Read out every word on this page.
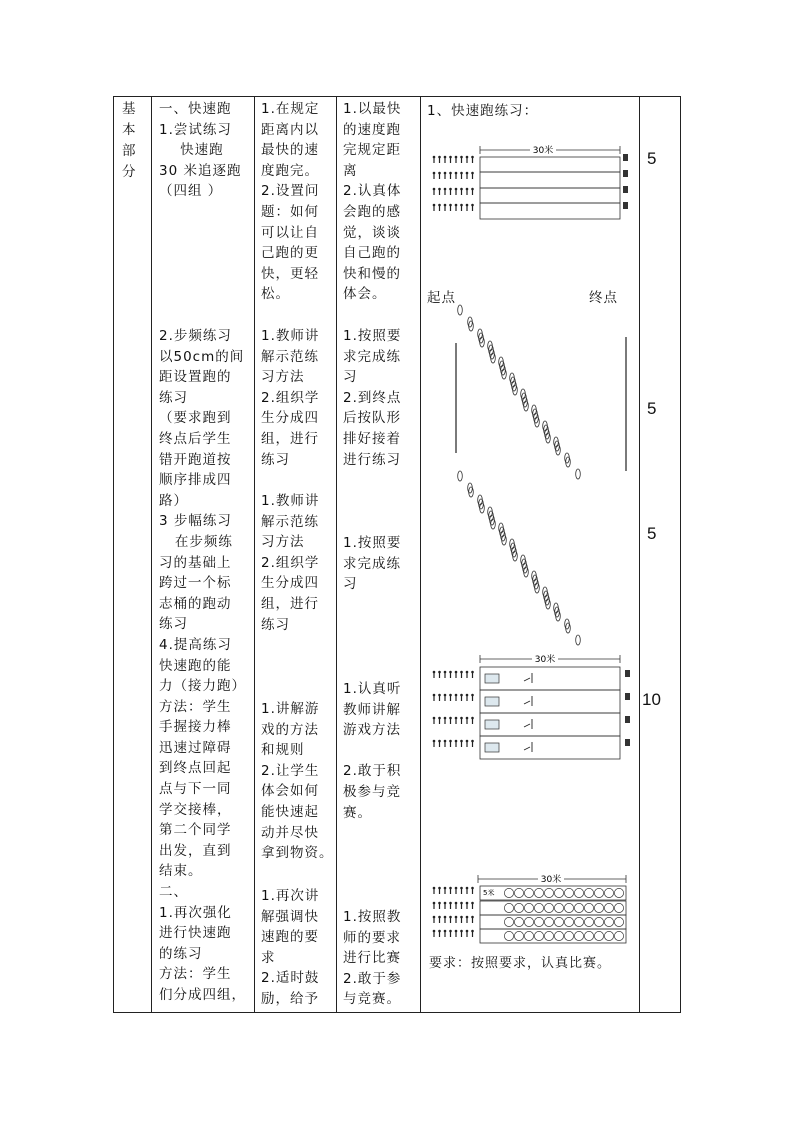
基
本
部
分
一、快速跑
1.尝试练习
快速跑
30 米追逐跑
（四组 ）
2.步频练习
以50cm的间
距设置跑的
练习
（要求跑到
终点后学生
错开跑道按
顺序排成四
路）
3 步幅练习
在步频练
习的基础上
跨过一个标
志桶的跑动
练习
4.提高练习
快速跑的能
力（接力跑）
方法：学生
手握接力棒
迅速过障碍
到终点回起
点与下一同
学交接棒，
第二个同学
出发，直到
结束。
二、
1.再次强化
进行快速跑
的练习
方法：学生
们分成四组，
1.在规定
距离内以
最快的速
度跑完。
2.设置问
题：如何
可以让自
己跑的更
快，更轻
松。
1.教师讲
解示范练
习方法
2.组织学
生分成四
组，进行
练习
1.教师讲
解示范练
习方法
2.组织学
生分成四
组，进行
练习
1.讲解游
戏的方法
和规则
2.让学生
体会如何
能快速起
动并尽快
拿到物资。
1.再次讲
解强调快
速跑的要
求
2.适时鼓
励，给予
1.以最快
的速度跑
完规定距
离
2.认真体
会跑的感
觉，谈谈
自己跑的
快和慢的
体会。
1.按照要
求完成练
习
2.到终点
后按队形
排好接着
进行练习
1.按照要
求完成练
习
1.认真听
教师讲解
游戏方法

2.敢于积
极参与竞
赛。
1.按照教
师的要求
进行比赛
2.敢于参
与竞赛。
1、快速跑练习：
起点	终点
要求：按照要求，认真比赛。
30米
30米
30米
5米
5
5
5
10
